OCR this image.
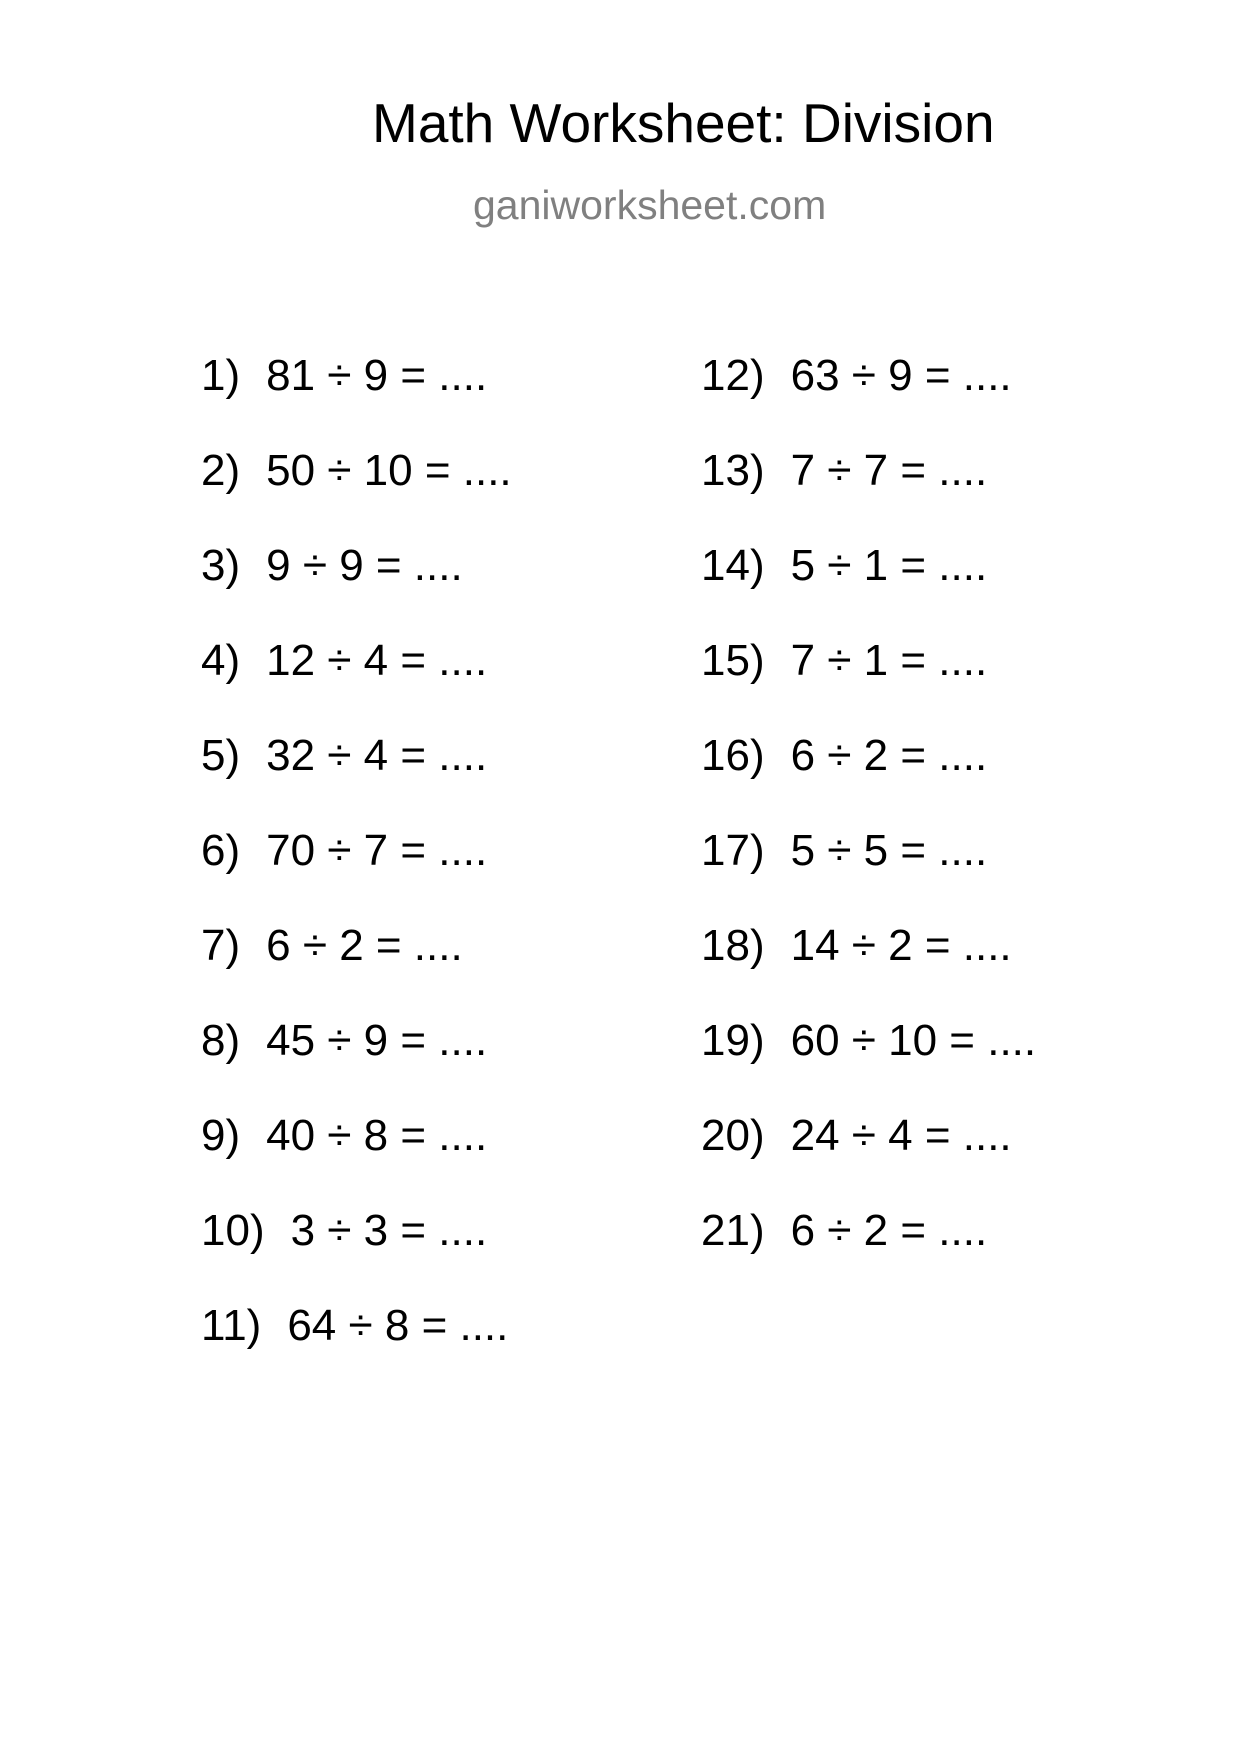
Math Worksheet: Division
ganiworksheet.com
1) 81 ÷ 9 = ....
2) 50 ÷ 10 = ....
3) 9 ÷ 9 = ....
4) 12 ÷ 4 = ....
5) 32 ÷ 4 = ....
6) 70 ÷ 7 = ....
7) 6 ÷ 2 = ....
8) 45 ÷ 9 = ....
9) 40 ÷ 8 = ....
10) 3 ÷ 3 = ....
11) 64 ÷ 8 = ....
12) 63 ÷ 9 = ....
13) 7 ÷ 7 = ....
14) 5 ÷ 1 = ....
15) 7 ÷ 1 = ....
16) 6 ÷ 2 = ....
17) 5 ÷ 5 = ....
18) 14 ÷ 2 = ....
19) 60 ÷ 10 = ....
20) 24 ÷ 4 = ....
21) 6 ÷ 2 = ....
